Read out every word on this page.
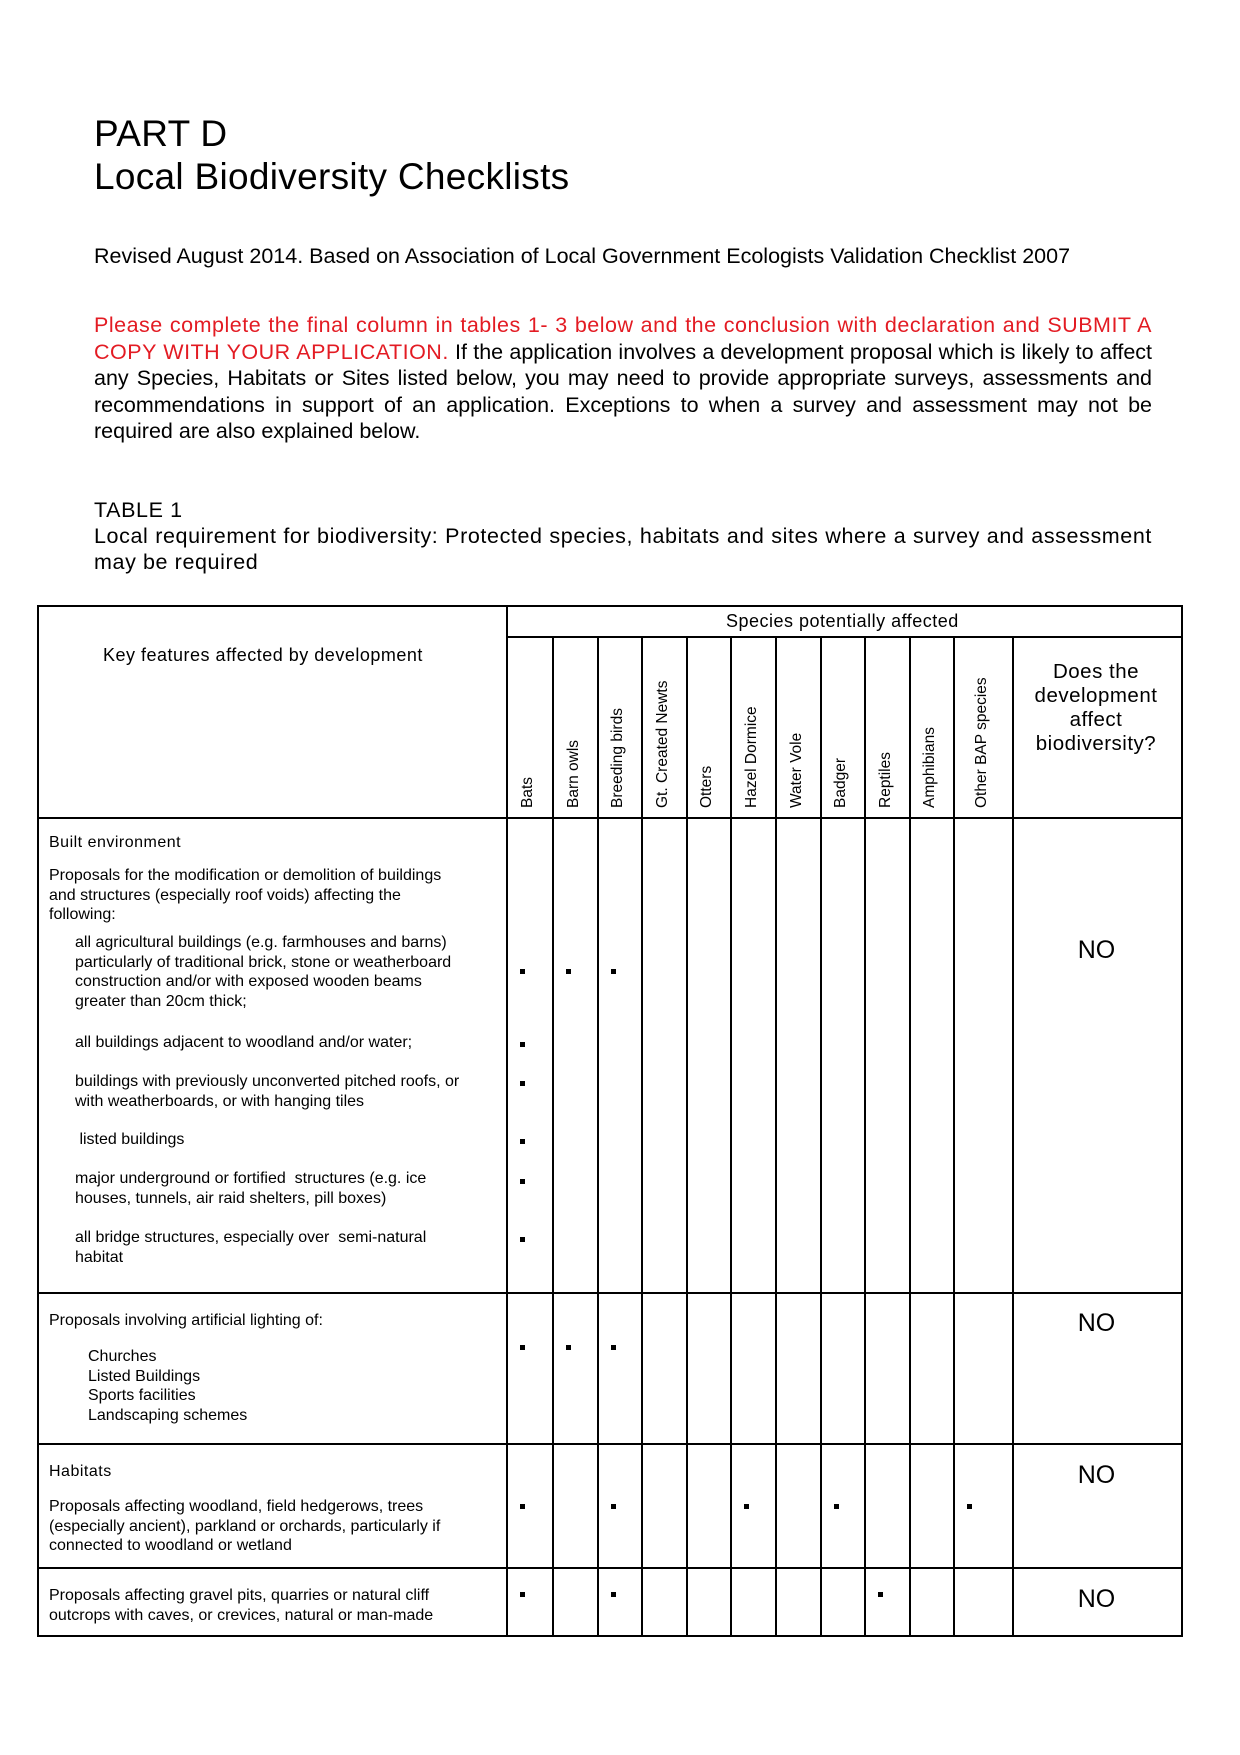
PART D
Local Biodiversity Checklists
Revised August 2014. Based on Association of Local Government Ecologists Validation Checklist 2007
Please complete the final column in tables 1- 3 below and the conclusion with declaration and SUBMIT A COPY WITH YOUR APPLICATION. If the application involves a development proposal which is likely to affect any Species, Habitats or Sites listed below, you may need to provide appropriate surveys, assessments and recommendations in support of an application. Exceptions to when a survey and assessment may not be required are also explained below.
TABLE 1
Local requirement for biodiversity: Protected species, habitats and sites where a survey and assessment may be required
Key features affected by development
Species potentially affected
Bats Barn owls Breeding birds Gt. Created Newts Otters Hazel Dormice Water Vole Badger Reptiles Amphibians Other BAP species
Does the development affect biodiversity?
Built environment
Proposals for the modification or demolition of buildings
and structures (especially roof voids) affecting the
following:
all agricultural buildings (e.g. farmhouses and barns)
particularly of traditional brick, stone or weatherboard
construction and/or with exposed wooden beams
greater than 20cm thick;
all buildings adjacent to woodland and/or water;
buildings with previously unconverted pitched roofs, or
with weatherboards, or with hanging tiles
listed buildings
major underground or fortified  structures (e.g. ice
houses, tunnels, air raid shelters, pill boxes)
all bridge structures, especially over  semi-natural
habitat
NO
Proposals involving artificial lighting of:
Churches
Listed Buildings
Sports facilities
Landscaping schemes
NO
Habitats
Proposals affecting woodland, field hedgerows, trees
(especially ancient), parkland or orchards, particularly if
connected to woodland or wetland
NO
Proposals affecting gravel pits, quarries or natural cliff
outcrops with caves, or crevices, natural or man-made
NO
